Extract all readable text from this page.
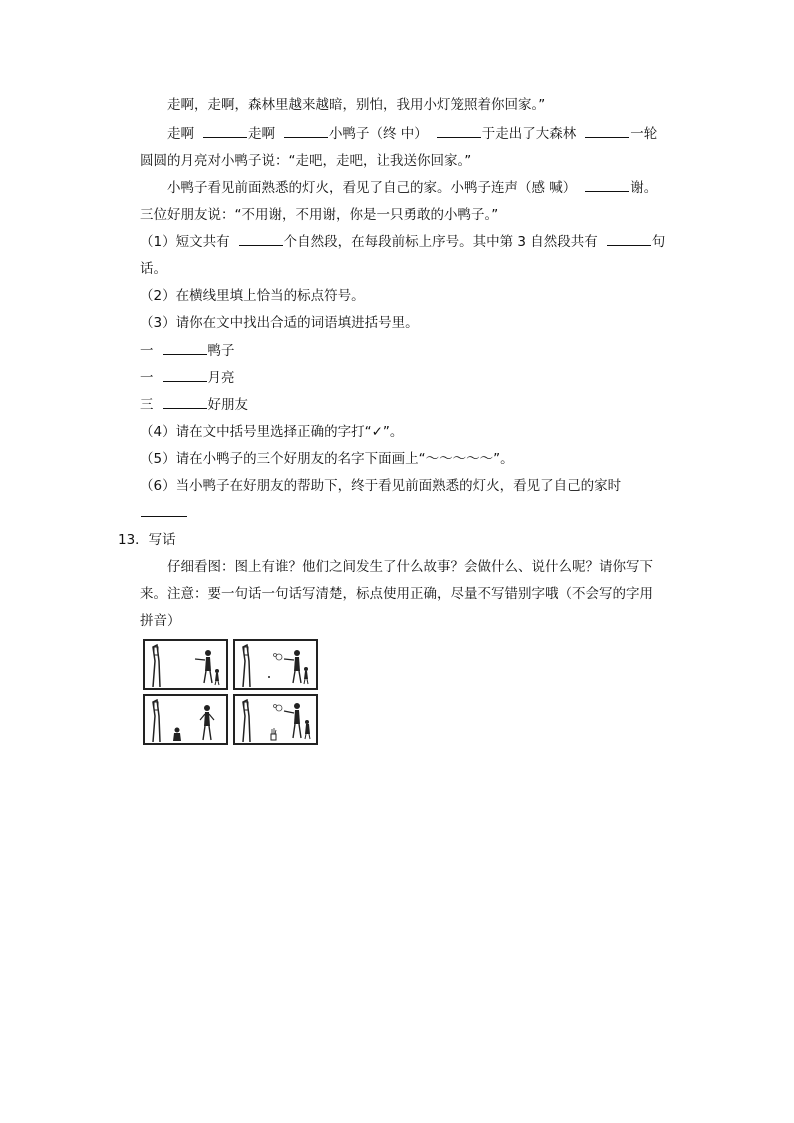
走啊，走啊，森林里越来越暗，别怕，我用小灯笼照着你回家。”
走啊	走啊	小鸭子（终 中）	于走出了大森林	一轮
圆圆的月亮对小鸭子说：“走吧，走吧，让我送你回家。”
小鸭子看见前面熟悉的灯火，看见了自己的家。小鸭子连声（感 喊）	谢。
三位好朋友说：“不用谢，不用谢，你是一只勇敢的小鸭子。”
（1）短文共有	个自然段，在每段前标上序号。其中第 3 自然段共有	句
话。
（2）在横线里填上恰当的标点符号。
（3）请你在文中找出合适的词语填进括号里。
一	鸭子
一	月亮
三	好朋友
（4）请在文中括号里选择正确的字打“✓”。
（5）请在小鸭子的三个好朋友的名字下面画上“～～～～～”。
（6）当小鸭子在好朋友的帮助下，终于看见前面熟悉的灯火，看见了自己的家时
13．写话
仔细看图：图上有谁？他们之间发生了什么故事？会做什么、说什么呢？请你写下
来。注意：要一句话一句话写清楚，标点使用正确，尽量不写错别字哦（不会写的字用
拼音）
